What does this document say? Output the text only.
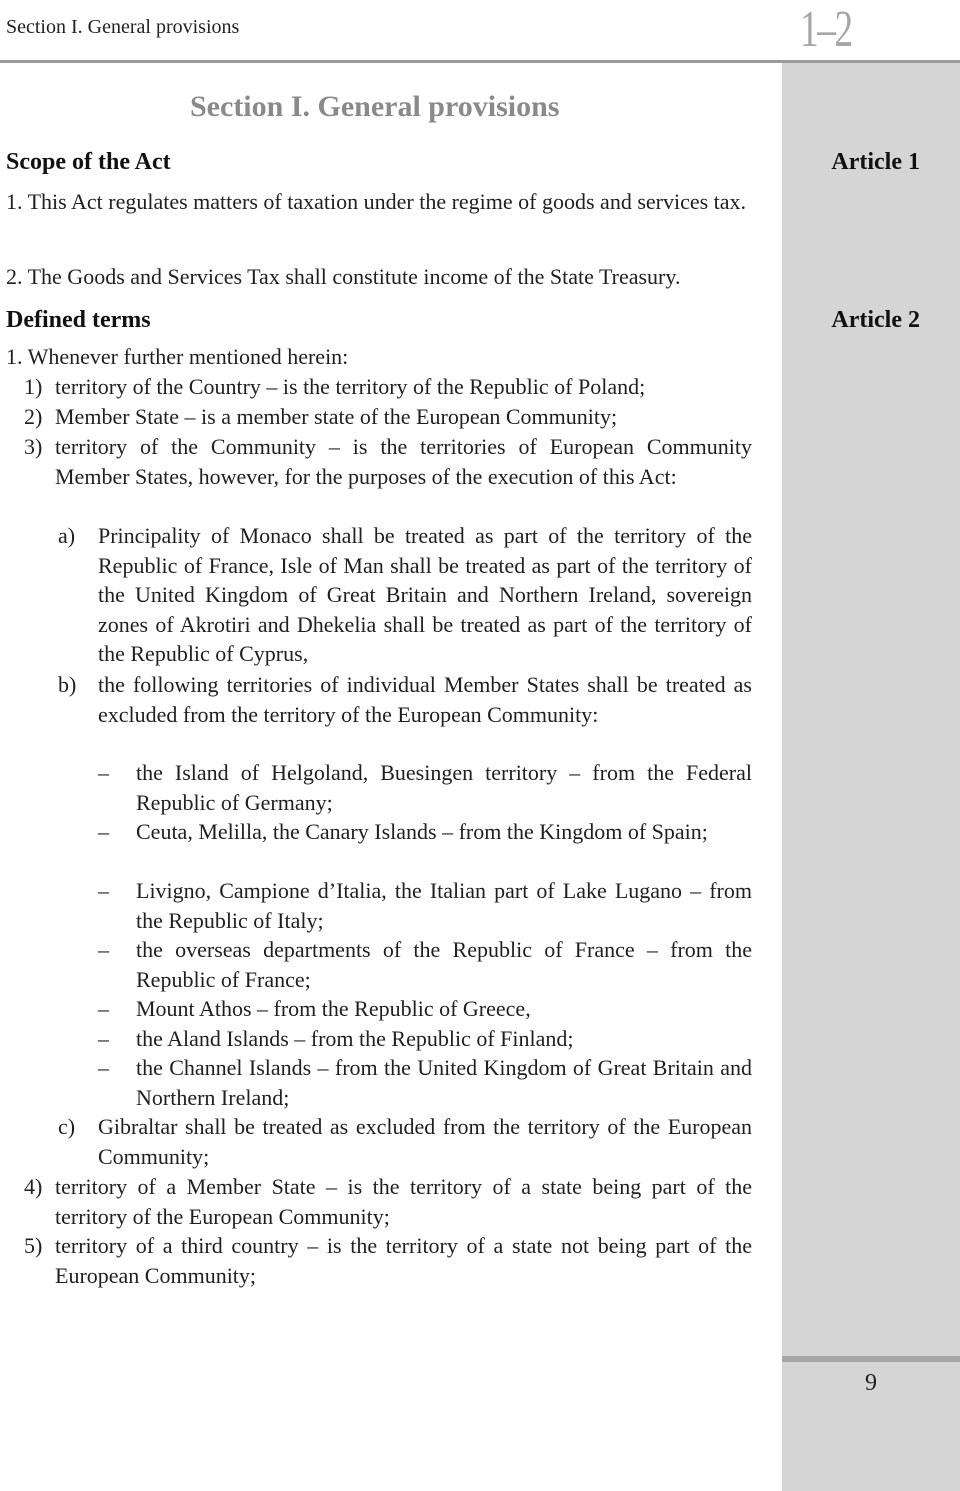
Section I. General provisions	1–2
Section I. General provisions
Scope of the Act	Article 1
1. This Act regulates matters of taxation under the regime of goods and services tax.
2. The Goods and Services Tax shall constitute income of the State Treasury.
Defined terms	Article 2
1. Whenever further mentioned herein:
1) territory of the Country – is the territory of the Republic of Poland;
2) Member State – is a member state of the European Community;
3) territory of the Community – is the territories of European Community Member States, however, for the purposes of the execution of this Act:
a)	Principality of Monaco shall be treated as part of the territory of the Republic of France, Isle of Man shall be treated as part of the territory of the United Kingdom of Great Britain and Northern Ireland, sovereign zones of Akrotiri and Dhekelia shall be treated as part of the territory of the Republic of Cyprus,
b) the following territories of individual Member States shall be treated as excluded from the territory of the European Community:
–	the Island of Helgoland, Buesingen territory – from the Federal Republic of Germany;
–	Ceuta, Melilla, the Canary Islands – from the Kingdom of Spain;
–	Livigno, Campione d’Italia, the Italian part of Lake Lugano – from the Republic of Italy;
–	the overseas departments of the Republic of France – from the Republic of France;
–	Mount Athos – from the Republic of Greece,
–	the Aland Islands – from the Republic of Finland;
–	the Channel Islands – from the United Kingdom of Great Britain and Northern Ireland;
c)	Gibraltar shall be treated as excluded from the territory of the European Community;
4) territory of a Member State – is the territory of a state being part of the territory of the European Community;
5) territory of a third country – is the territory of a state not being part of the European Community;
9
